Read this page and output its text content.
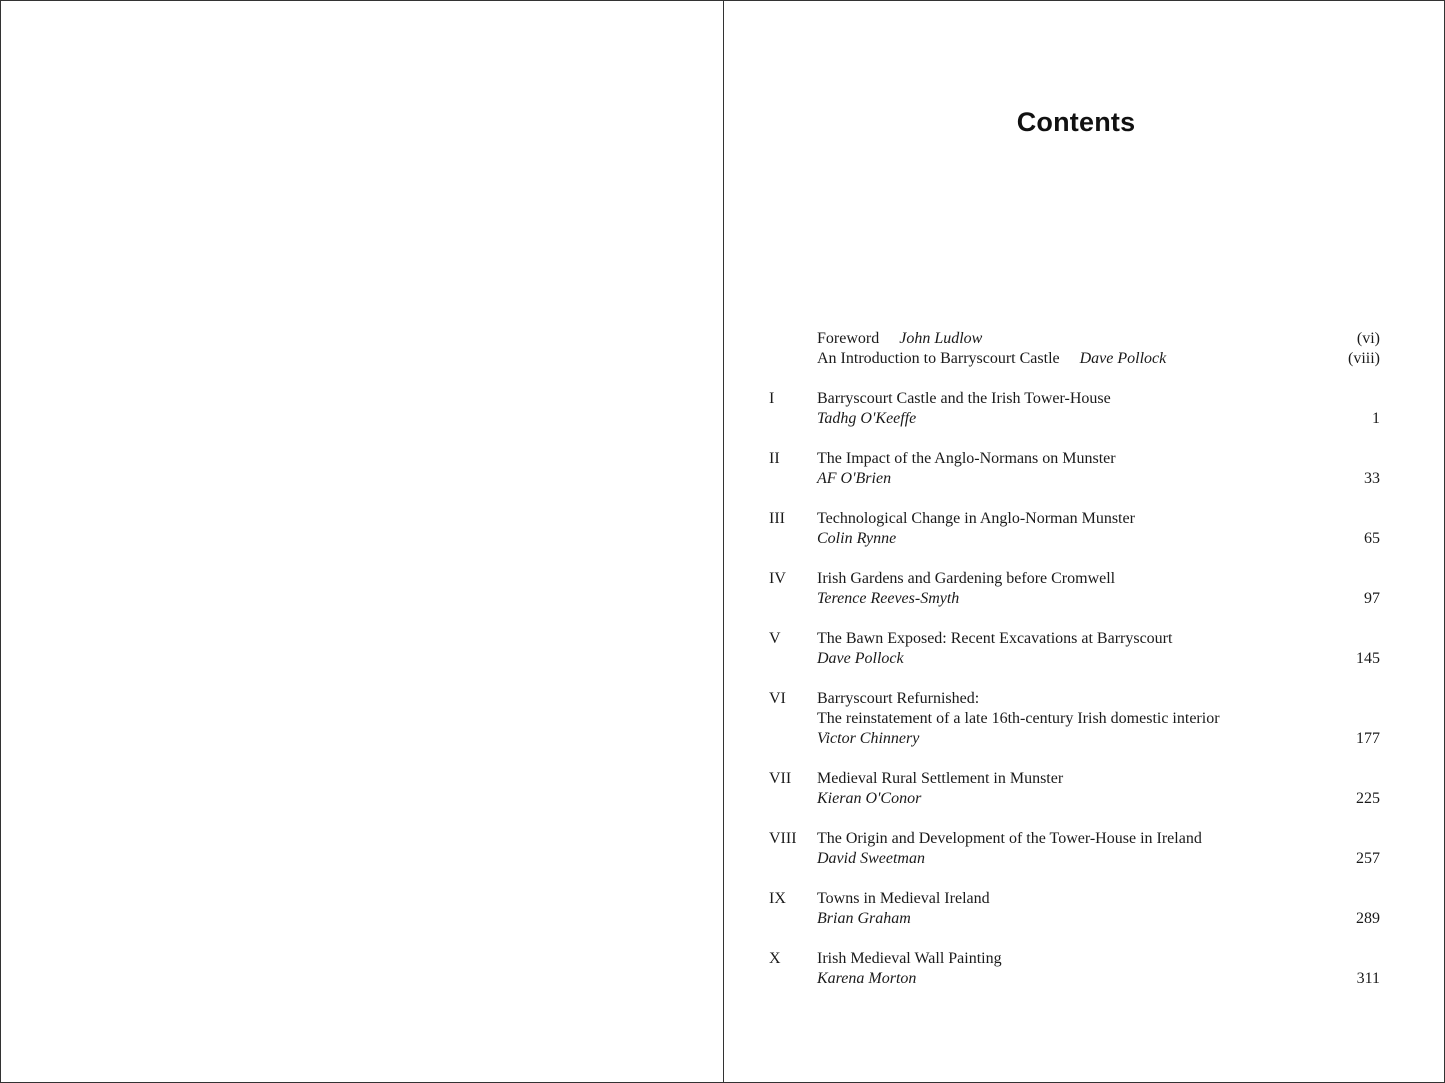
Contents
Foreword John Ludlow	(vi)
An Introduction to Barryscourt Castle Dave Pollock	(viii)
I	Barryscourt Castle and the Irish Tower-House
Tadhg O'Keeffe	1
II	The Impact of the Anglo-Normans on Munster
AF O'Brien	33
III	Technological Change in Anglo-Norman Munster
Colin Rynne	65
IV	Irish Gardens and Gardening before Cromwell
Terence Reeves-Smyth	97
V	The Bawn Exposed: Recent Excavations at Barryscourt
Dave Pollock	145
VI	Barryscourt Refurnished:
The reinstatement of a late 16th-century Irish domestic interior
Victor Chinnery	177
VII	Medieval Rural Settlement in Munster
Kieran O'Conor	225
VIII	The Origin and Development of the Tower-House in Ireland
David Sweetman	257
IX	Towns in Medieval Ireland
Brian Graham	289
X	Irish Medieval Wall Painting
Karena Morton	311
